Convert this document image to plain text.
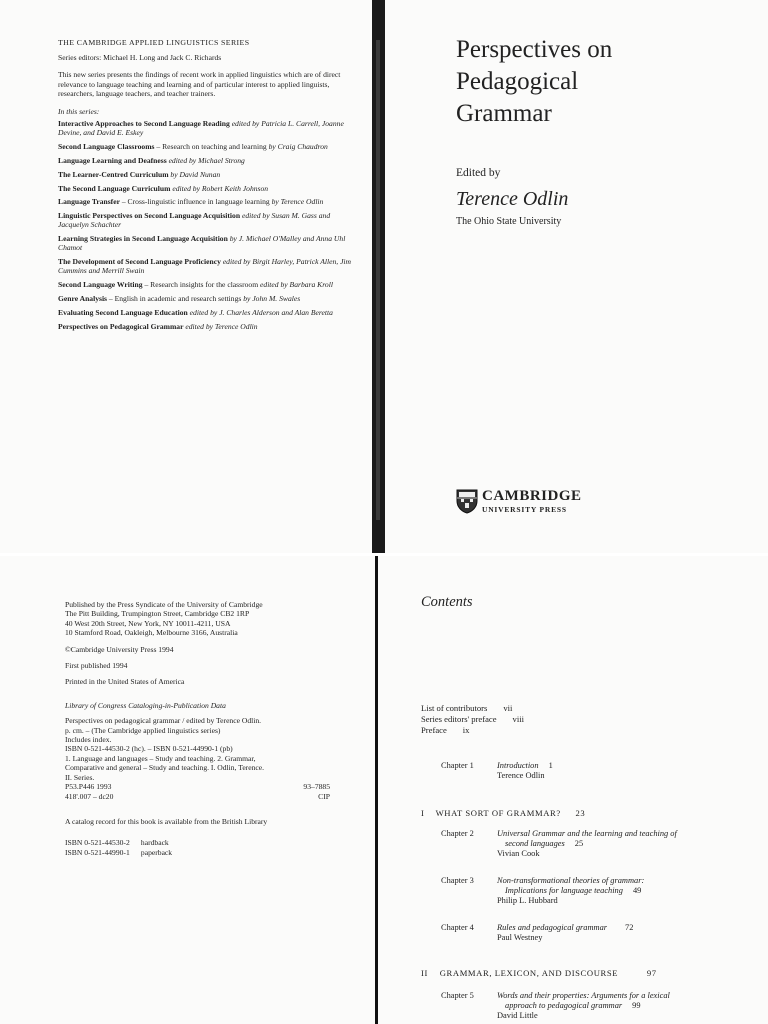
THE CAMBRIDGE APPLIED LINGUISTICS SERIES
Series editors: Michael H. Long and Jack C. Richards
This new series presents the findings of recent work in applied linguistics which are of direct relevance to language teaching and learning and of particular interest to applied linguists, researchers, language teachers, and teacher trainers.
In this series:
Interactive Approaches to Second Language Reading edited by Patricia L. Carrell, Joanne Devine, and David E. Eskey
Second Language Classrooms – Research on teaching and learning by Craig Chaudron
Language Learning and Deafness edited by Michael Strong
The Learner-Centred Curriculum by David Nunan
The Second Language Curriculum edited by Robert Keith Johnson
Language Transfer – Cross-linguistic influence in language learning by Terence Odlin
Linguistic Perspectives on Second Language Acquisition edited by Susan M. Gass and Jacquelyn Schachter
Learning Strategies in Second Language Acquisition by J. Michael O'Malley and Anna Uhl Chamot
The Development of Second Language Proficiency edited by Birgit Harley, Patrick Allen, Jim Cummins and Merrill Swain
Second Language Writing – Research insights for the classroom edited by Barbara Kroll
Genre Analysis – English in academic and research settings by John M. Swales
Evaluating Second Language Education edited by J. Charles Alderson and Alan Beretta
Perspectives on Pedagogical Grammar edited by Terence Odlin
Perspectives on
Pedagogical
Grammar
Edited by
Terence Odlin
The Ohio State University
CAMBRIDGE
UNIVERSITY PRESS
Published by the Press Syndicate of the University of Cambridge
The Pitt Building, Trumpington Street, Cambridge CB2 1RP
40 West 20th Street, New York, NY 10011-4211, USA
10 Stamford Road, Oakleigh, Melbourne 3166, Australia
©Cambridge University Press 1994
First published 1994
Printed in the United States of America
Library of Congress Cataloging-in-Publication Data
Perspectives on pedagogical grammar / edited by Terence Odlin.
p. cm. – (The Cambridge applied linguistics series)
Includes index.
ISBN 0-521-44530-2 (hc). – ISBN 0-521-44990-1 (pb)
1. Language and languages – Study and teaching. 2. Grammar,
Comparative and general – Study and teaching. I. Odlin, Terence.
II. Series.
P53.P446 1993	93–7885
418'.007 – dc20	CIP
A catalog record for this book is available from the British Library
ISBN 0-521-44530-2 hardback
ISBN 0-521-44990-1 paperback
Contents
List of contributors vii
Series editors' preface viii
Preface ix
Chapter 1	Introduction 1
Terence Odlin
I WHAT SORT OF GRAMMAR? 23
Chapter 2	Universal Grammar and the learning and teaching of
second languages 25
Vivian Cook
Chapter 3	Non-transformational theories of grammar:
Implications for language teaching 49
Philip L. Hubbard
Chapter 4	Rules and pedagogical grammar 72
Paul Westney
II GRAMMAR, LEXICON, AND DISCOURSE	97
Chapter 5	Words and their properties: Arguments for a lexical
approach to pedagogical grammar 99
David Little
